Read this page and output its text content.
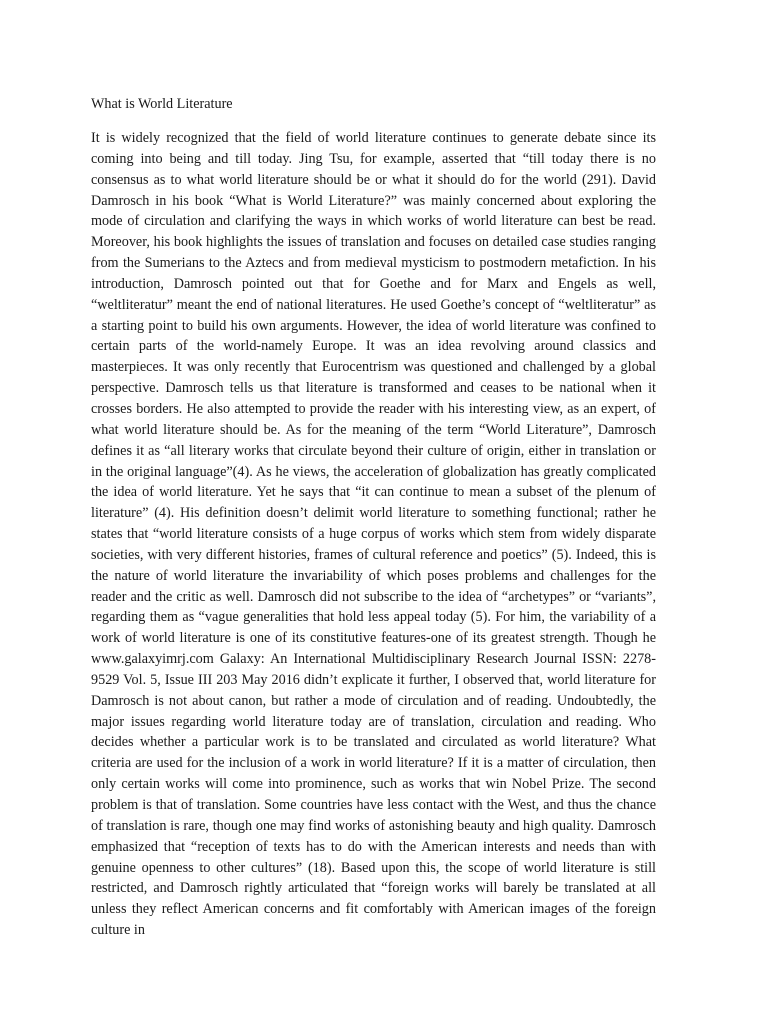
What is World Literature

It is widely recognized that the field of world literature continues to generate debate since its coming into being and till today. Jing Tsu, for example, asserted that “till today there is no consensus as to what world literature should be or what it should do for the world (291). David Damrosch in his book “What is World Literature?” was mainly concerned about exploring the mode of circulation and clarifying the ways in which works of world literature can best be read. Moreover, his book highlights the issues of translation and focuses on detailed case studies ranging from the Sumerians to the Aztecs and from medieval mysticism to postmodern metafiction. In his introduction, Damrosch pointed out that for Goethe and for Marx and Engels as well, “weltliteratur” meant the end of national literatures. He used Goethe’s concept of “weltliteratur” as a starting point to build his own arguments. However, the idea of world literature was confined to certain parts of the world-namely Europe. It was an idea revolving around classics and masterpieces. It was only recently that Eurocentrism was questioned and challenged by a global perspective. Damrosch tells us that literature is transformed and ceases to be national when it crosses borders. He also attempted to provide the reader with his interesting view, as an expert, of what world literature should be. As for the meaning of the term “World Literature”, Damrosch defines it as “all literary works that circulate beyond their culture of origin, either in translation or in the original language”(4). As he views, the acceleration of globalization has greatly complicated the idea of world literature. Yet he says that “it can continue to mean a subset of the plenum of literature” (4). His definition doesn’t delimit world literature to something functional; rather he states that “world literature consists of a huge corpus of works which stem from widely disparate societies, with very different histories, frames of cultural reference and poetics” (5). Indeed, this is the nature of world literature the invariability of which poses problems and challenges for the reader and the critic as well. Damrosch did not subscribe to the idea of “archetypes” or “variants”, regarding them as “vague generalities that hold less appeal today (5). For him, the variability of a work of world literature is one of its constitutive features-one of its greatest strength. Though he www.galaxyimrj.com Galaxy: An International Multidisciplinary Research Journal ISSN: 2278-9529 Vol. 5, Issue III 203 May 2016 didn’t explicate it further, I observed that, world literature for Damrosch is not about canon, but rather a mode of circulation and of reading. Undoubtedly, the major issues regarding world literature today are of translation, circulation and reading. Who decides whether a particular work is to be translated and circulated as world literature? What criteria are used for the inclusion of a work in world literature? If it is a matter of circulation, then only certain works will come into prominence, such as works that win Nobel Prize. The second problem is that of translation. Some countries have less contact with the West, and thus the chance of translation is rare, though one may find works of astonishing beauty and high quality. Damrosch emphasized that “reception of texts has to do with the American interests and needs than with genuine openness to other cultures” (18). Based upon this, the scope of world literature is still restricted, and Damrosch rightly articulated that “foreign works will barely be translated at all unless they reflect American concerns and fit comfortably with American images of the foreign culture in
